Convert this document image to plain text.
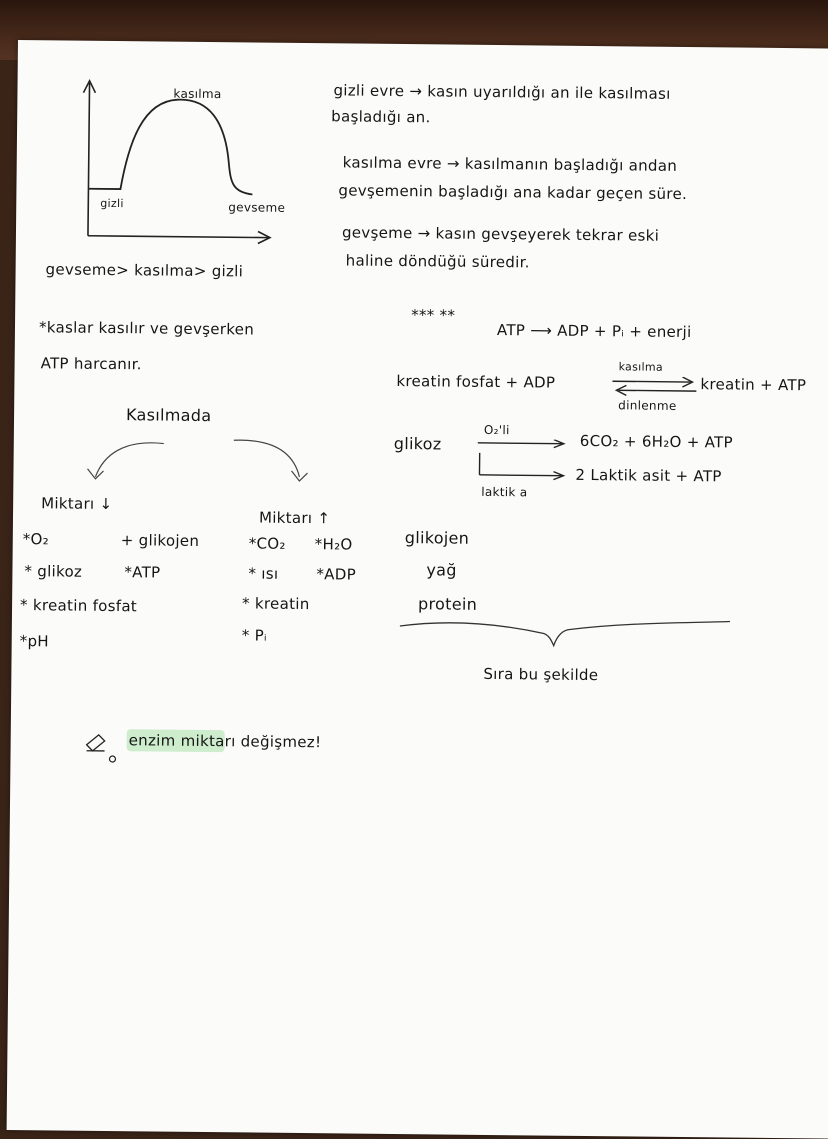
kasılma
gizli	gevseme
gevseme> kasılma> gizli
gizli evre → kasın uyarıldığı an ile kasılması
başladığı an.
kasılma evre → kasılmanın başladığı andan
gevşemenin başladığı ana kadar geçen süre.
gevşeme → kasın gevşeyerek tekrar eski
haline döndüğü süredir.
*kaslar kasılır ve gevşerken
ATP harcanır.
*** **
ATP ⟶ ADP + Pᵢ + enerji
kreatin fosfat + ADP
kasılma
kreatin + ATP
dinlenme
glikoz
O₂'li
6CO₂ + 6H₂O + ATP
laktik a
2 Laktik asit + ATP
Kasılmada
Miktarı ↓
*O₂	+ glikojen
* glikoz	*ATP
* kreatin fosfat
*pH
Miktarı ↑
*CO₂ *H₂O
* ısı	*ADP
* kreatin
* Pᵢ
glikojen
yağ
protein
Sıra bu şekilde
enzim miktarı değişmez!
